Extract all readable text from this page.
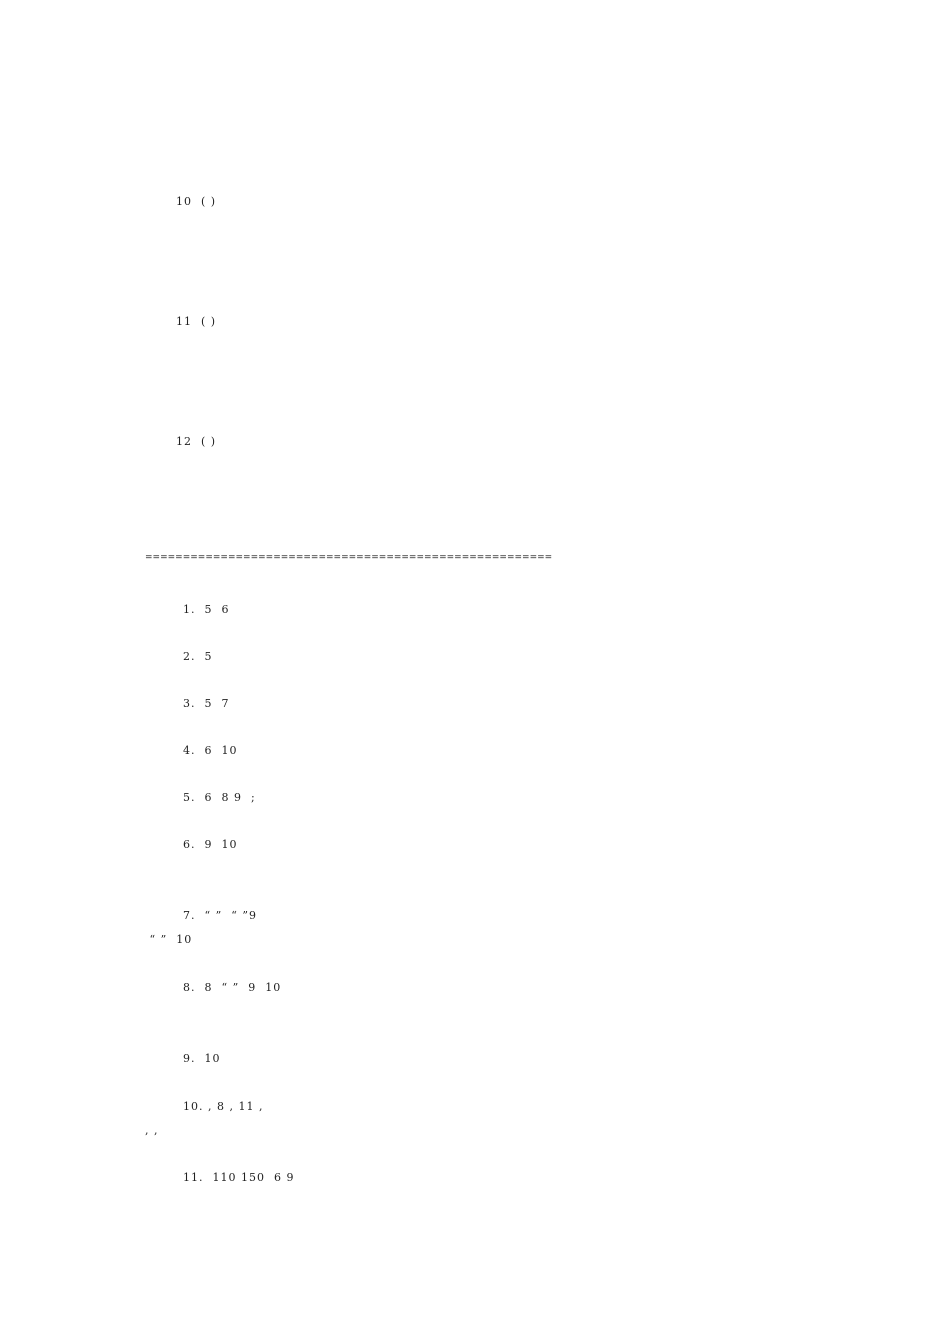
======================================================

10  ( )

11  ( )

12  ( )

1.  5  6
2.  5
3.  5  7
4.  6  10
5.  6  8 9  ;
6.  9  10
7.  “ ”  “ ”9
“ ”  10
8.  8  “ ”  9  10
9.  10
10. , 8 , 11 ,
, ,
11.  110 150  6 9
